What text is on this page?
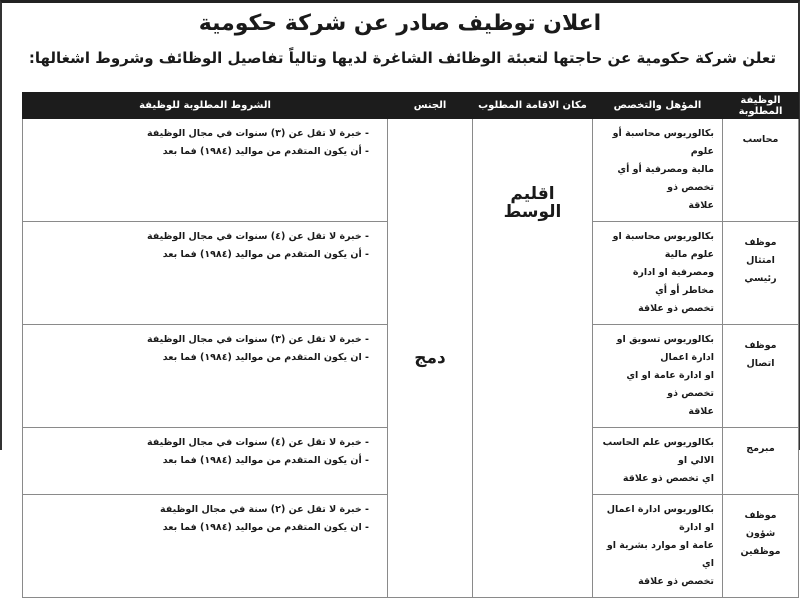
اعلان توظيف صادر عن شركة حكومية
تعلن شركة حكومية عن حاجتها لتعبئة الوظائف الشاغرة لديها وتالياً تفاصيل الوظائف وشروط اشغالها:
الوظيفة المطلوبة	المؤهل والتخصص	مكان الاقامة المطلوب	الجنس	الشروط المطلوبة للوظيفة

محاسب	بكالوريوس محاسبة أو علوم
مالية ومصرفية أو أي تخصص ذو
علاقة	اقليم الوسط	دمج	- خبرة لا تقل عن (٣) سنوات في مجال الوظيفة
- أن يكون المتقدم من مواليد (١٩٨٤) فما بعد

موظف امتثال
رئيسي	بكالوريوس محاسبة او علوم مالية
ومصرفية او ادارة مخاطر أو أي
تخصص ذو علاقة			- خبرة لا تقل عن (٤) سنوات في مجال الوظيفة
- أن يكون المتقدم من مواليد (١٩٨٤) فما بعد

موظف اتصال	بكالوريوس تسويق او ادارة اعمال
او ادارة عامة او اي تخصص ذو
علاقة			- خبرة لا تقل عن (٣) سنوات في مجال الوظيفة
- ان يكون المتقدم من مواليد (١٩٨٤) فما بعد

مبرمج	بكالوريوس علم الحاسب الالي او
اي تخصص ذو علاقة			- خبرة لا تقل عن (٤) سنوات في مجال الوظيفة
- أن يكون المتقدم من مواليد (١٩٨٤) فما بعد

موظف شؤون
موظفين	بكالوريوس ادارة اعمال او ادارة
عامة او موارد بشرية او اي
تخصص ذو علاقة			- خبرة لا تقل عن (٢) سنة في مجال الوظيفة
- ان يكون المتقدم من مواليد (١٩٨٤) فما بعد
